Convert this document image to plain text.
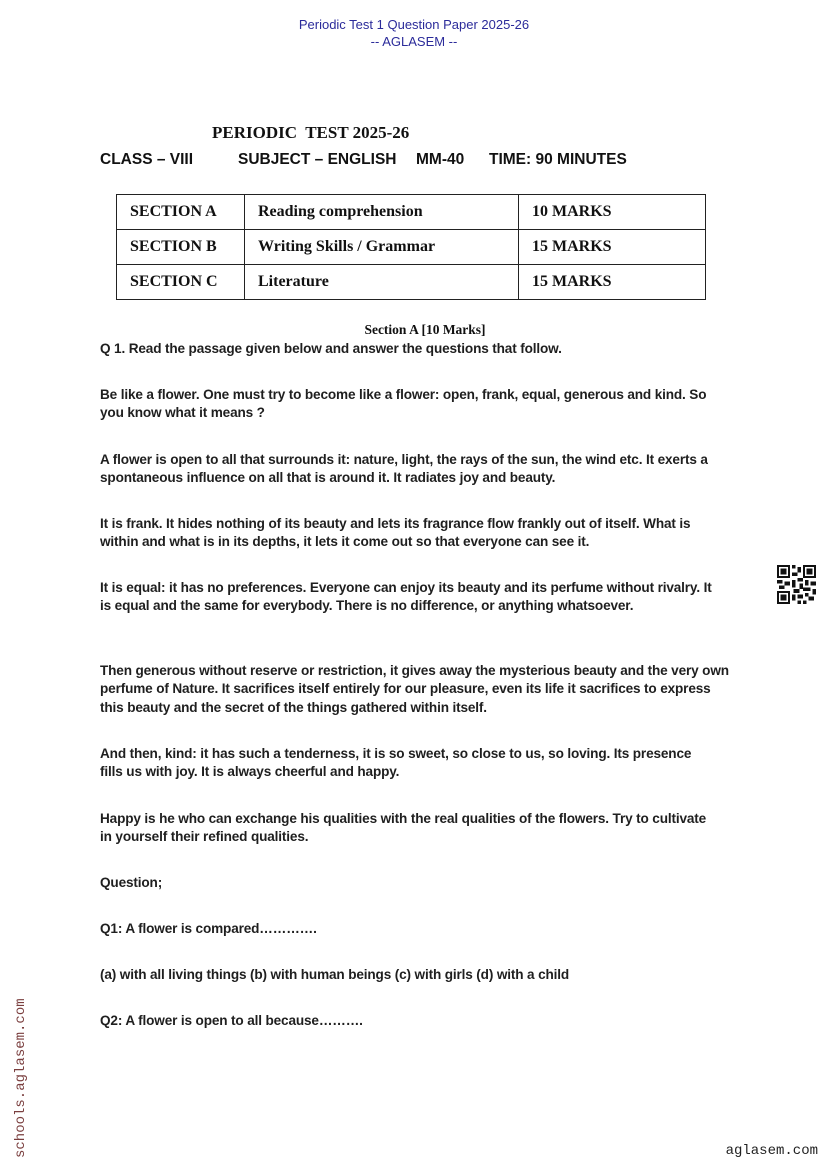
Periodic Test 1 Question Paper 2025-26
-- AGLASEM --
PERIODIC  TEST 2025-26
CLASS – VIII	SUBJECT – ENGLISH MM-40 TIME: 90 MINUTES
SECTION A	Reading comprehension	10 MARKS
SECTION B	Writing Skills / Grammar	15 MARKS
SECTION C	Literature	15 MARKS
Section A [10 Marks]
Q 1. Read the passage given below and answer the questions that follow.
Be like a flower. One must try to become like a flower: open, frank, equal, generous and kind. So you know what it means ?
A flower is open to all that surrounds it: nature, light, the rays of the sun, the wind etc. It exerts a spontaneous influence on all that is around it. It radiates joy and beauty.
It is frank. It hides nothing of its beauty and lets its fragrance flow frankly out of itself. What is within and what is in its depths, it lets it come out so that everyone can see it.
It is equal: it has no preferences. Everyone can enjoy its beauty and its perfume without rivalry. It is equal and the same for everybody. There is no difference, or anything whatsoever.
Then generous without reserve or restriction, it gives away the mysterious beauty and the very own perfume of Nature. It sacrifices itself entirely for our pleasure, even its life it sacrifices to express this beauty and the secret of the things gathered within itself.
And then, kind: it has such a tenderness, it is so sweet, so close to us, so loving. Its presence fills us with joy. It is always cheerful and happy.
Happy is he who can exchange his qualities with the real qualities of the flowers. Try to cultivate in yourself their refined qualities.
Question;
Q1: A flower is compared………….
(a) with all living things (b) with human beings (c) with girls (d) with a child
Q2: A flower is open to all because……….
schools.aglasem.com	aglasem.com
